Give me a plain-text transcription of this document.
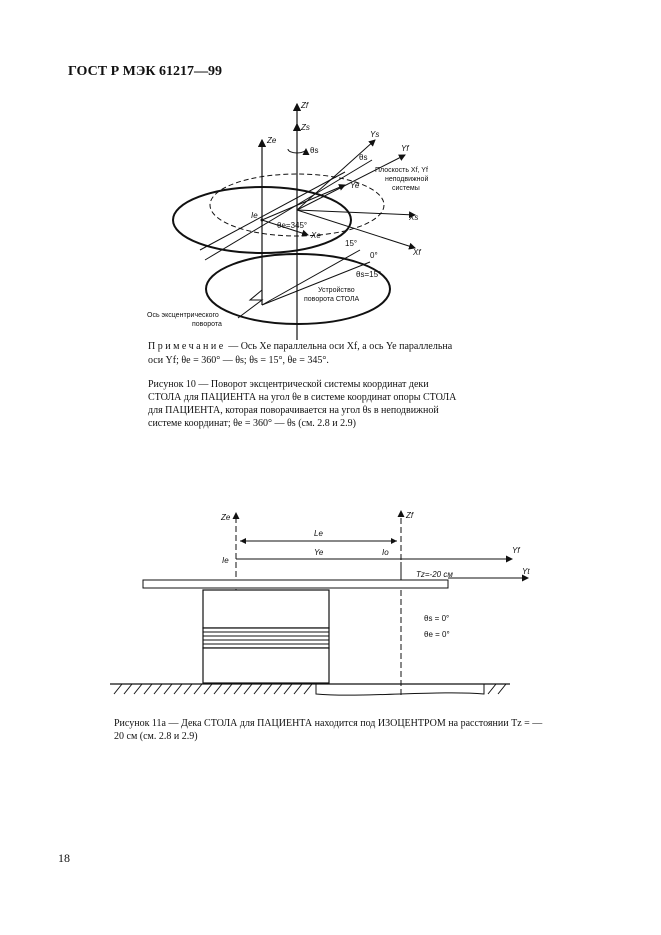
ГОСТ Р МЭК 61217—99
Zf
Zs
Ze
θs
Ys
Yf
θs
Плоскость Xf, Yf
неподвижной
системы
Ye
Ie
θe=345°
Xs
Xe
15°
Xf
0°
θs=15°
Устройство
поворота СТОЛА
Ось эксцентрического
поворота
Ze	Zf
Le
Ie
Ye	Io	Yf
Tz=-20 см	Yt
θs = 0°
θe = 0°
Примечание — Ось Xe параллельна оси Xf, а ось Ye параллельна оси Yf; θe = 360° — θs; θs = 15°, θe = 345°.
Рисунок 10 — Поворот эксцентрической системы координат деки СТОЛА для ПАЦИЕНТА на угол θe в системе координат опоры СТОЛА для ПАЦИЕНТА, которая поворачивается на угол θs в неподвижной системе координат; θe = 360° — θs (см. 2.8 и 2.9)
Рисунок 11а — Дека СТОЛА для ПАЦИЕНТА находится под ИЗОЦЕНТРОМ на расстоянии Tz = — 20 см (см. 2.8 и 2.9)
18
